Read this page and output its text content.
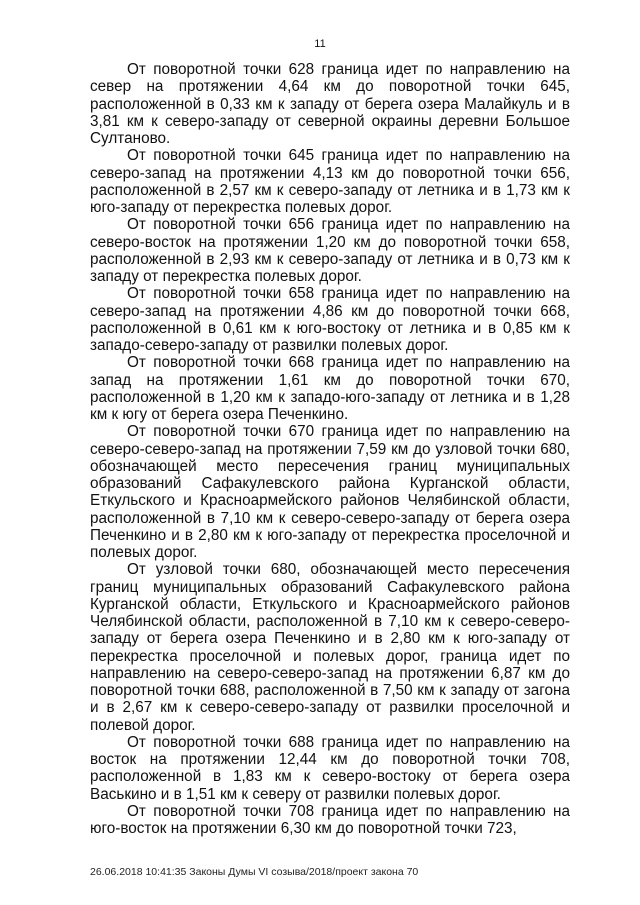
11

От поворотной точки 628 граница идет по направлению на север на протяжении 4,64 км до поворотной точки 645, расположенной в 0,33 км к западу от берега озера Малайкуль и в 3,81 км к северо-западу от северной окраины деревни Большое Султаново.

От поворотной точки 645 граница идет по направлению на северо-запад на протяжении 4,13 км до поворотной точки 656, расположенной в 2,57 км к северо-западу от летника и в 1,73 км к юго-западу от перекрестка полевых дорог.

От поворотной точки 656 граница идет по направлению на северо-восток на протяжении 1,20 км до поворотной точки 658, расположенной в 2,93 км к северо-западу от летника и в 0,73 км к западу от перекрестка полевых дорог.

От поворотной точки 658 граница идет по направлению на северо-запад на протяжении 4,86 км до поворотной точки 668, расположенной в 0,61 км к юго-востоку от летника и в 0,85 км к западо-северо-западу от развилки полевых дорог.

От поворотной точки 668 граница идет по направлению на запад на протяжении 1,61 км до поворотной точки 670, расположенной в 1,20 км к западо-юго-западу от летника и в 1,28 км к югу от берега озера Печенкино.

От поворотной точки 670 граница идет по направлению на северо-северо-запад на протяжении 7,59 км до узловой точки 680, обозначающей место пересечения границ муниципальных образований Сафакулевского района Курганской области, Еткульского и Красноармейского районов Челябинской области, расположенной в 7,10 км к северо-северо-западу от берега озера Печенкино и в 2,80 км к юго-западу от перекрестка проселочной и полевых дорог.

От узловой точки 680, обозначающей место пересечения границ муниципальных образований Сафакулевского района Курганской области, Еткульского и Красноармейского районов Челябинской области, расположенной в 7,10 км к северо-северо-западу от берега озера Печенкино и в 2,80 км к юго-западу от перекрестка проселочной и полевых дорог, граница идет по направлению на северо-северо-запад на протяжении 6,87 км до поворотной точки 688, расположенной в 7,50 км к западу от загона и в 2,67 км к северо-северо-западу от развилки проселочной и полевой дорог.

От поворотной точки 688 граница идет по направлению на восток на протяжении 12,44 км до поворотной точки 708, расположенной в 1,83 км к северо-востоку от берега озера Васькино и в 1,51 км к северу от развилки полевых дорог.

От поворотной точки 708 граница идет по направлению на юго-восток на протяжении 6,30 км до поворотной точки 723,

26.06.2018 10:41:35 Законы Думы VI созыва/2018/проект закона 70
